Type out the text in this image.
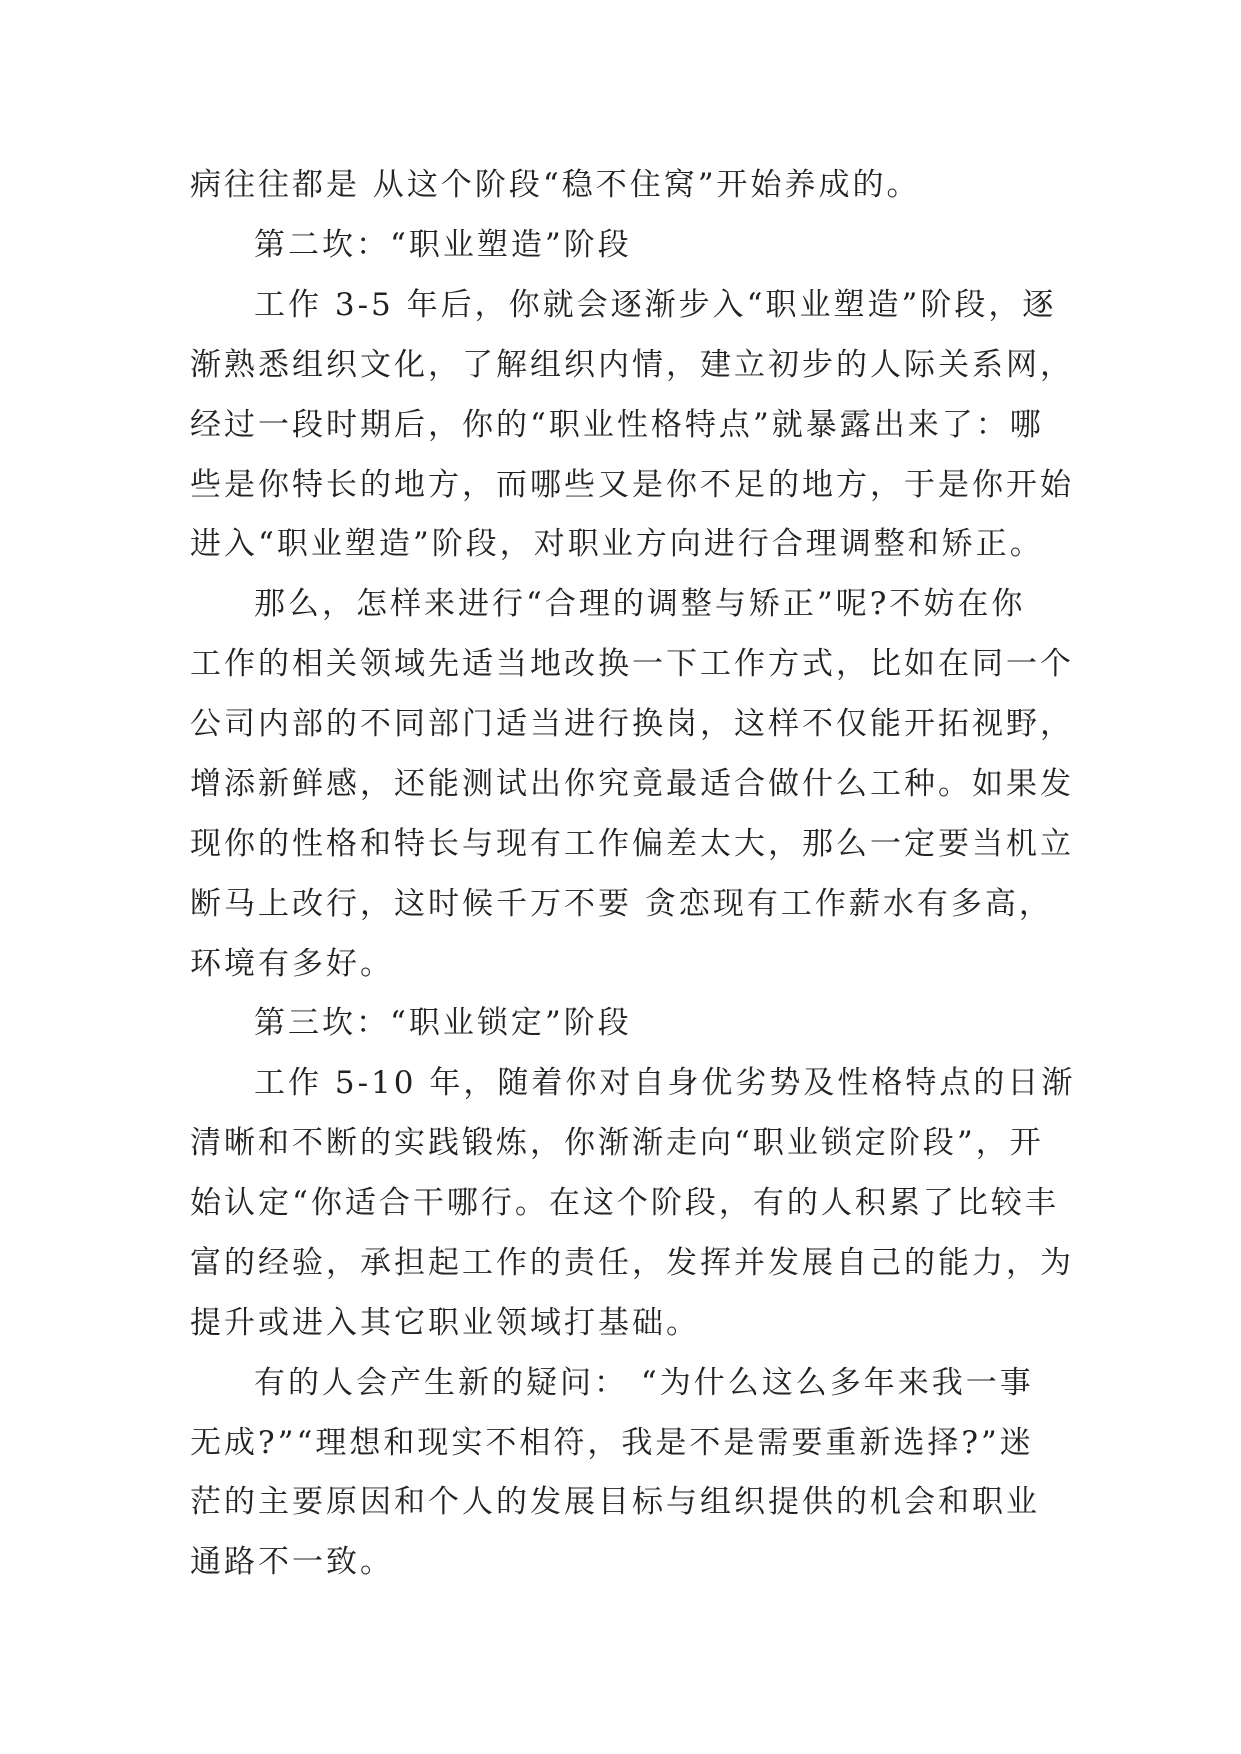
病往往都是 从这个阶段“稳不住窝”开始养成的。
第二坎：“职业塑造”阶段
工作 3-5 年后，你就会逐渐步入“职业塑造”阶段，逐
渐熟悉组织文化，了解组织内情，建立初步的人际关系网，
经过一段时期后，你的“职业性格特点”就暴露出来了：哪
些是你特长的地方，而哪些又是你不足的地方，于是你开始
进入“职业塑造”阶段，对职业方向进行合理调整和矫正。
那么，怎样来进行“合理的调整与矫正”呢?不妨在你
工作的相关领域先适当地改换一下工作方式，比如在同一个
公司内部的不同部门适当进行换岗，这样不仅能开拓视野，
增添新鲜感，还能测试出你究竟最适合做什么工种。如果发
现你的性格和特长与现有工作偏差太大，那么一定要当机立
断马上改行，这时候千万不要 贪恋现有工作薪水有多高，
环境有多好。
第三坎：“职业锁定”阶段
工作 5-10 年，随着你对自身优劣势及性格特点的日渐
清晰和不断的实践锻炼，你渐渐走向“职业锁定阶段”，开
始认定“你适合干哪行。在这个阶段，有的人积累了比较丰
富的经验，承担起工作的责任，发挥并发展自己的能力，为
提升或进入其它职业领域打基础。
有的人会产生新的疑问： “为什么这么多年来我一事
无成?”“理想和现实不相符，我是不是需要重新选择?”迷
茫的主要原因和个人的发展目标与组织提供的机会和职业
通路不一致。
